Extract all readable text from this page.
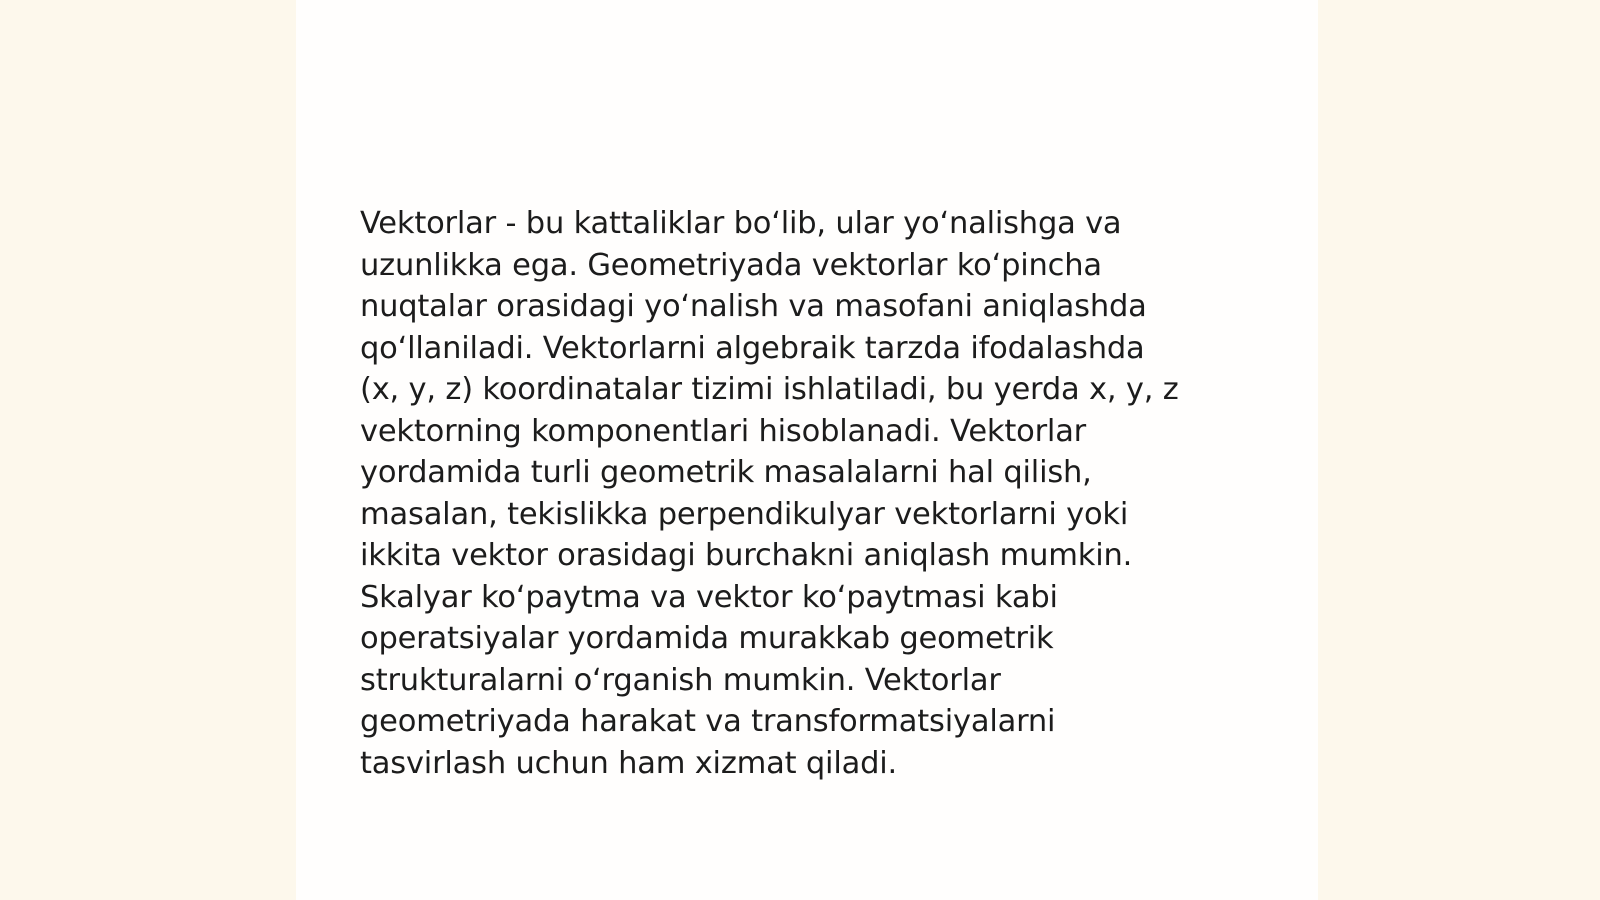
Vektorlar - bu kattaliklar bo‘lib, ular yo‘nalishga va
uzunlikka ega. Geometriyada vektorlar ko‘pincha
nuqtalar orasidagi yo‘nalish va masofani aniqlashda
qo‘llaniladi. Vektorlarni algebraik tarzda ifodalashda
(x, y, z) koordinatalar tizimi ishlatiladi, bu yerda x, y, z
vektorning komponentlari hisoblanadi. Vektorlar
yordamida turli geometrik masalalarni hal qilish,
masalan, tekislikka perpendikulyar vektorlarni yoki
ikkita vektor orasidagi burchakni aniqlash mumkin.
Skalyar ko‘paytma va vektor ko‘paytmasi kabi
operatsiyalar yordamida murakkab geometrik
strukturalarni o‘rganish mumkin. Vektorlar
geometriyada harakat va transformatsiyalarni
tasvirlash uchun ham xizmat qiladi.
